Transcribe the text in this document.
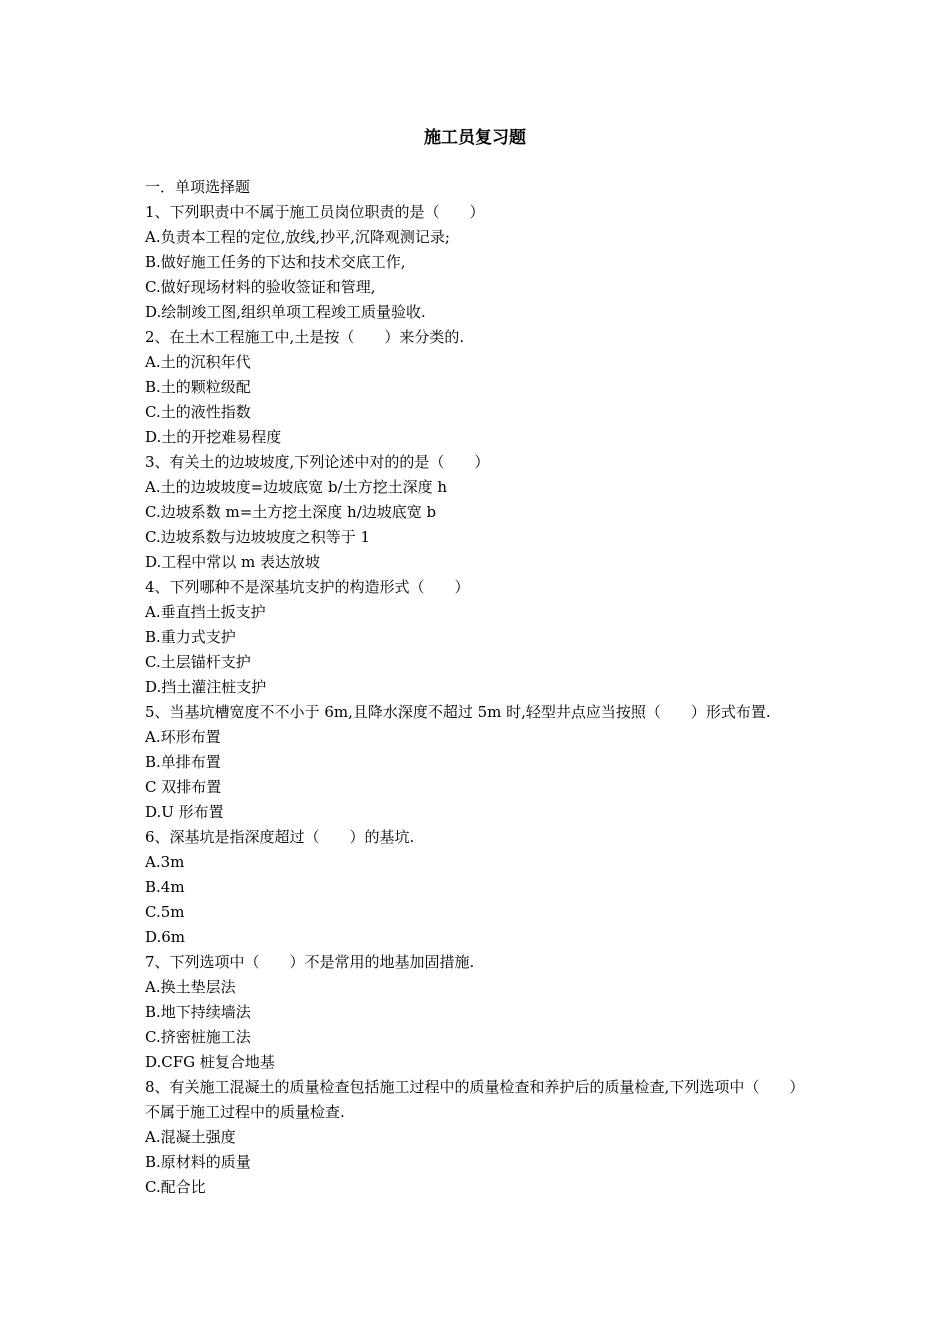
施工员复习题

一．单项选择题

1、下列职责中不属于施工员岗位职责的是（　　）

A.负责本工程的定位,放线,抄平,沉降观测记录;

B.做好施工任务的下达和技术交底工作,

C.做好现场材料的验收签证和管理,

D.绘制竣工图,组织单项工程竣工质量验收.

2、在土木工程施工中,土是按（　　）来分类的.

A.土的沉积年代

B.土的颗粒级配

C.土的液性指数

D.土的开挖难易程度

3、有关土的边坡坡度,下列论述中对的的是（　　）

A.土的边坡坡度=边坡底宽 b/土方挖土深度 h

C.边坡系数 m=土方挖土深度 h/边坡底宽 b

C.边坡系数与边坡坡度之积等于 1

D.工程中常以 m 表达放坡

4、下列哪种不是深基坑支护的构造形式（　　）

A.垂直挡土扳支护

B.重力式支护

C.土层锚杆支护

D.挡土灌注桩支护

5、当基坑槽宽度不不小于 6m,且降水深度不超过 5m 时,轻型井点应当按照（　　）形式布置.

A.环形布置

B.单排布置

C 双排布置

D.U 形布置

6、深基坑是指深度超过（　　）的基坑.

A.3m

B.4m

C.5m

D.6m

7、下列选项中（　　）不是常用的地基加固措施.

A.换土垫层法

B.地下持续墙法

C.挤密桩施工法

D.CFG 桩复合地基

8、有关施工混凝土的质量检查包括施工过程中的质量检查和养护后的质量检查,下列选项中（　　）不属于施工过程中的质量检查.

A.混凝土强度

B.原材料的质量

C.配合比
